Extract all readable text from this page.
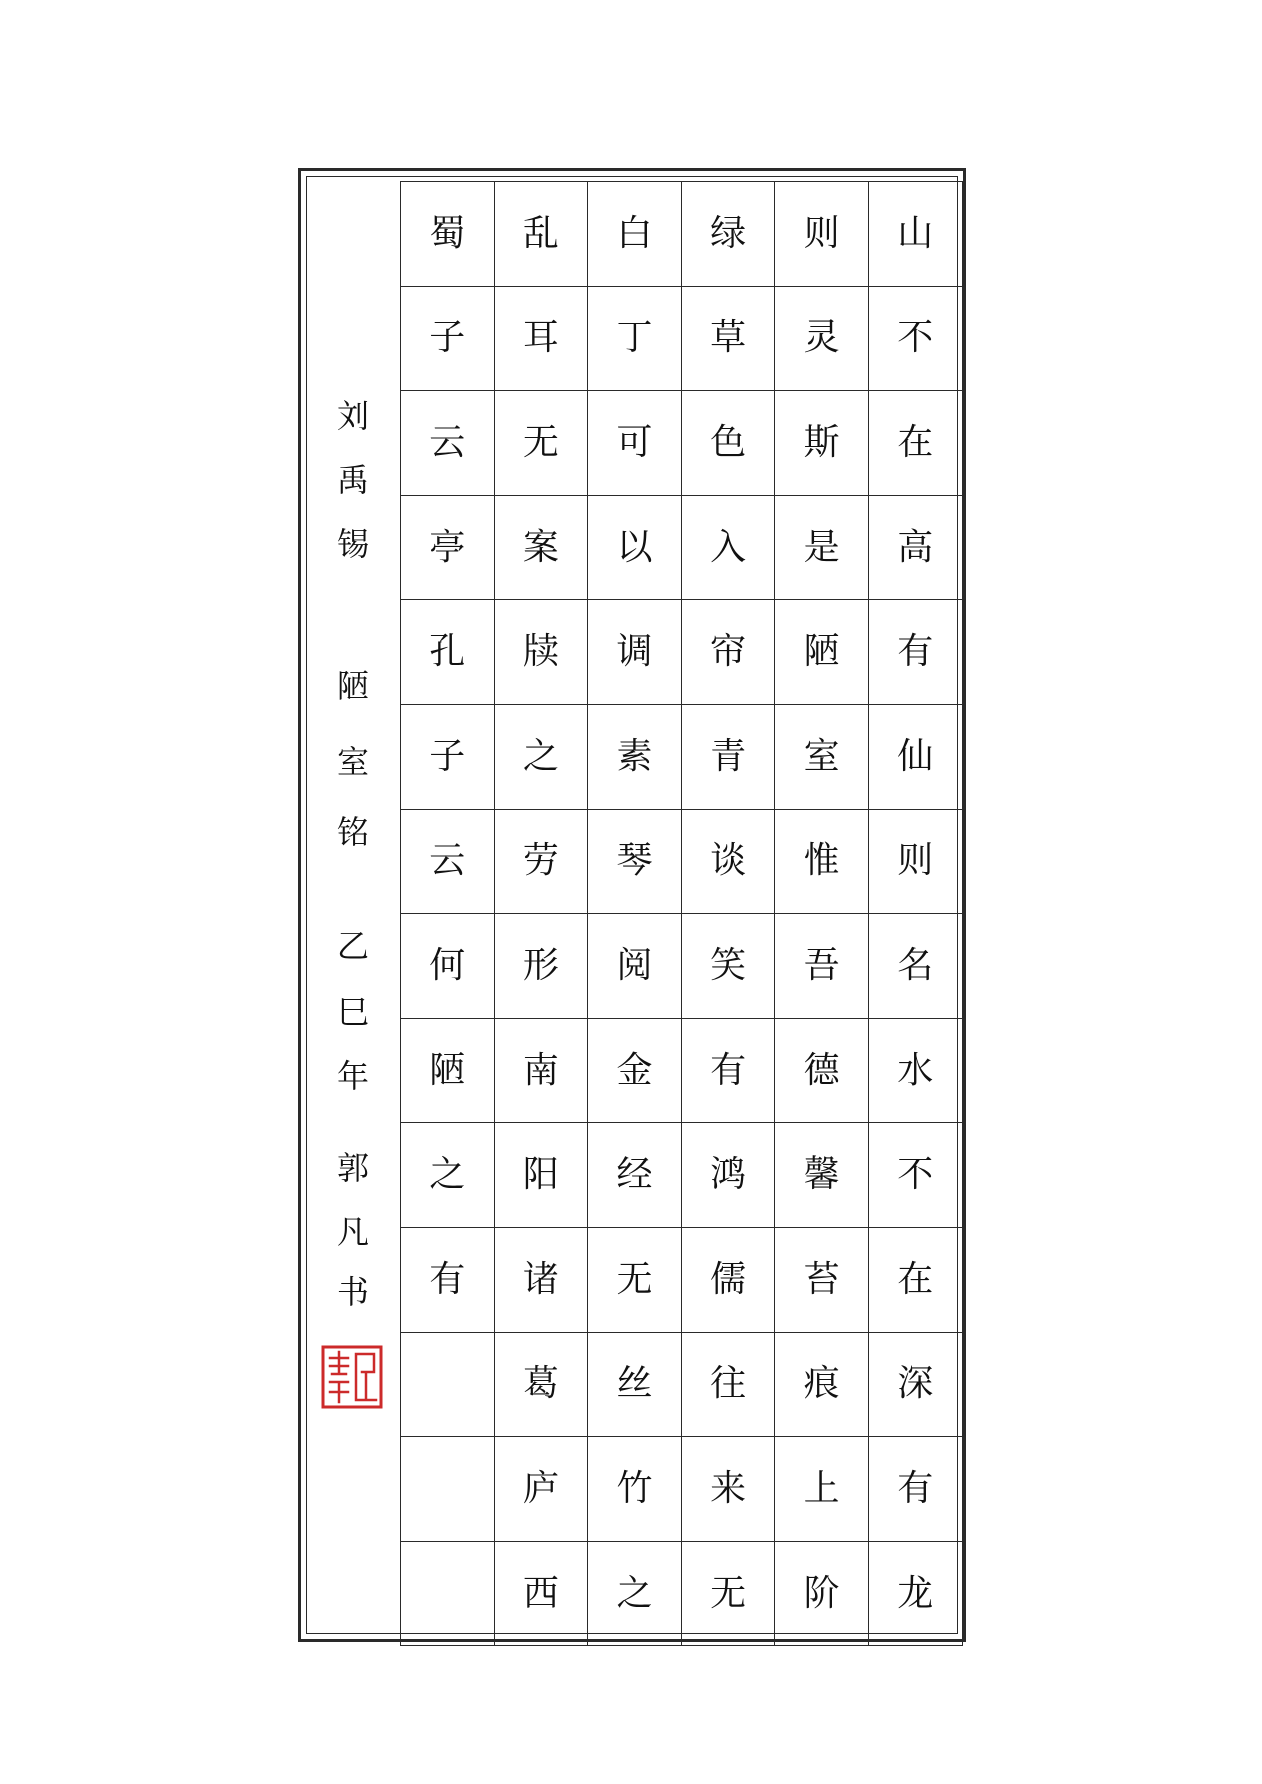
蜀	乱	白	绿	则	山
子	耳	丁	草	灵	不
云	无	可	色	斯	在
亭	案	以	入	是	高
孔	牍	调	帘	陋	有
子	之	素	青	室	仙
云	劳	琴	谈	惟	则
何	形	阅	笑	吾	名
陋	南	金	有	德	水
之	阳	经	鸿	馨	不
有	诸	无	儒	苔	在
	葛	丝	往	痕	深
	庐	竹	来	上	有
	西	之	无	阶	龙
刘
禹
锡
陋
室
铭
乙
巳
年
郭
凡
书
